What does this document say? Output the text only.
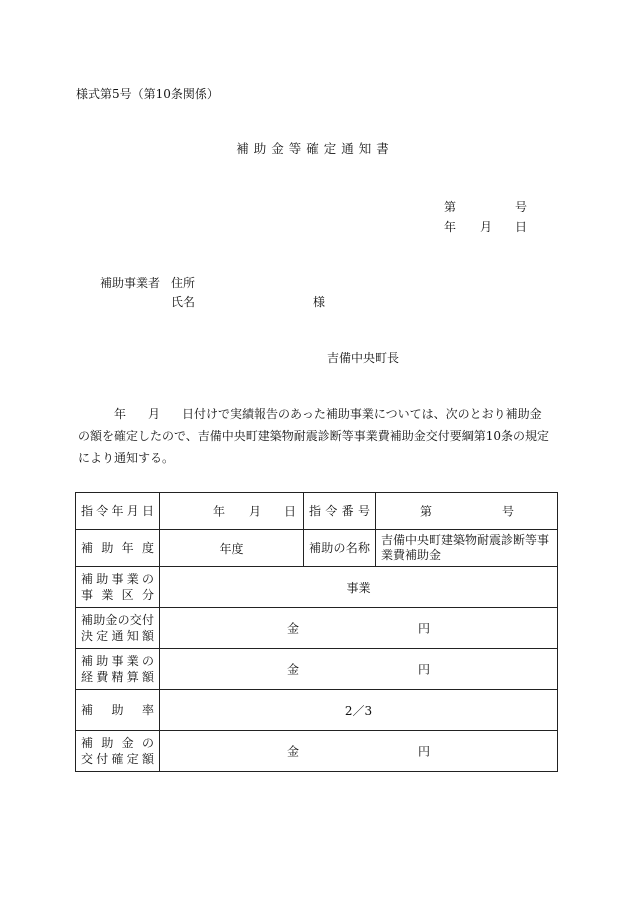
様式第5号（第10条関係）
補助金等確定通知書
第	号
年 月 日
補助事業者 住所
氏名	様
吉備中央町長
年 月 日付けで実績報告のあった補助事業については、次のとおり補助金の額を確定したので、吉備中央町建築物耐震診断等事業費補助金交付要綱第10条の規定により通知する。
指令年月日	年 月 日	指令番号	第 号

補助年度	年度	補助の名称	吉備中央町建築物耐震診断等事業費補助金
補助事業の
事業区分	事業		
補助金の交付
決定通知額	金 円		

補助事業の
経費精算額	金 円		

補助率	2／3		
補助金の
交付確定額	金 円		
